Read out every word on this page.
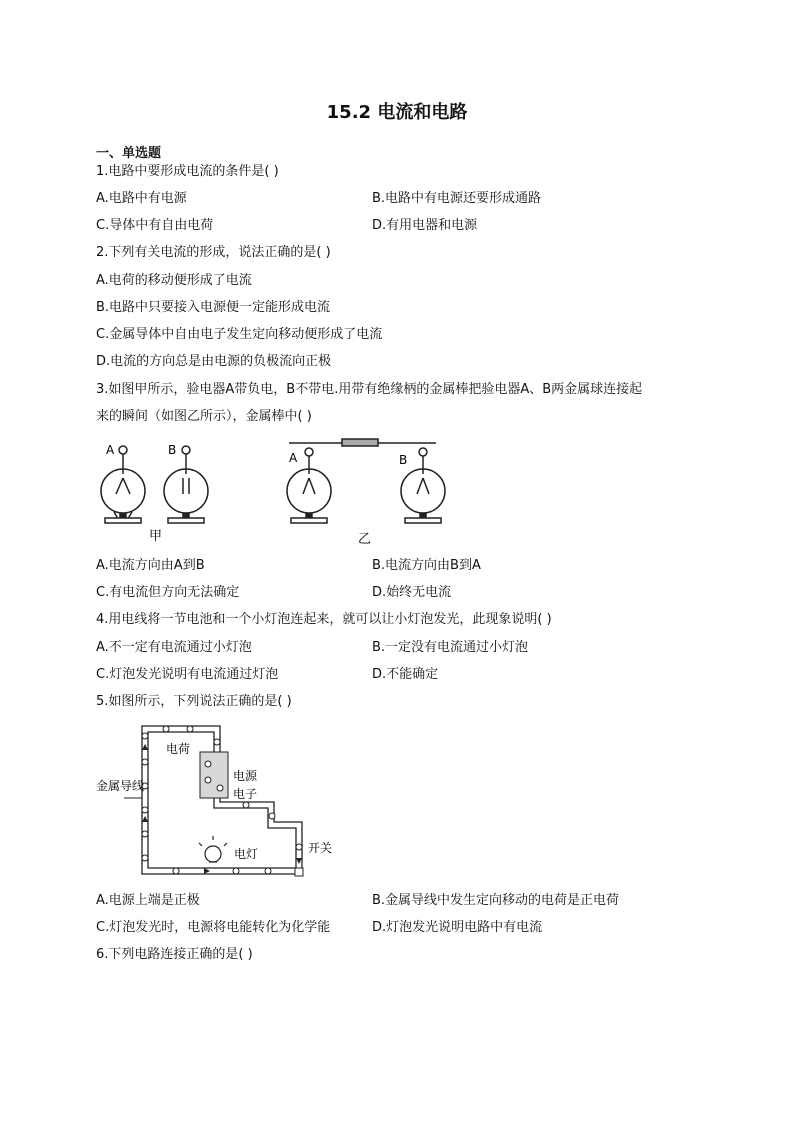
15.2 电流和电路
一、单选题
1.电路中要形成电流的条件是( )
A.电路中有电源	B.电路中有电源还要形成通路
C.导体中有自由电荷	D.有用电器和电源
2.下列有关电流的形成，说法正确的是( )
A.电荷的移动便形成了电流
B.电路中只要接入电源便一定能形成电流
C.金属导体中自由电子发生定向移动便形成了电流
D.电流的方向总是由电源的负极流向正极
3.如图甲所示，验电器A带负电，B不带电.用带有绝缘柄的金属棒把验电器A、B两金属球连接起
来的瞬间（如图乙所示），金属棒中( )
A	B
A	B
甲	乙
A.电流方向由A到B	B.电流方向由B到A
C.有电流但方向无法确定	D.始终无电流
4.用电线将一节电池和一个小灯泡连起来，就可以让小灯泡发光，此现象说明( )
A.不一定有电流通过小灯泡	B.一定没有电流通过小灯泡
C.灯泡发光说明有电流通过灯泡	D.不能确定
5.如图所示，下列说法正确的是( )
电荷
电源
电子
金属导线
电灯	开关
A.电源上端是正极	B.金属导线中发生定向移动的电荷是正电荷
C.灯泡发光时，电源将电能转化为化学能	D.灯泡发光说明电路中有电流
6.下列电路连接正确的是( )
